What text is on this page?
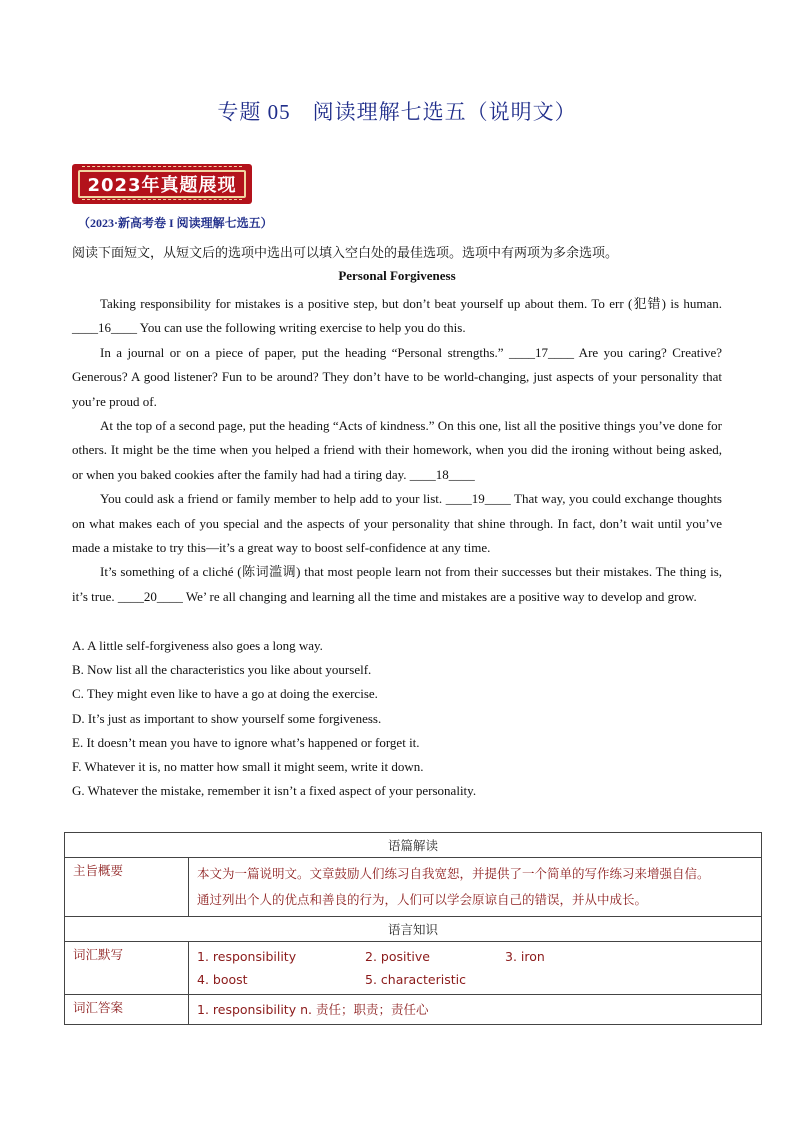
专题 05　阅读理解七选五（说明文）
2023年真题展现
（2023·新高考卷 I 阅读理解七选五）
阅读下面短文，从短文后的选项中选出可以填入空白处的最佳选项。选项中有两项为多余选项。
Personal Forgiveness

Taking responsibility for mistakes is a positive step, but don’t beat yourself up about them. To err (犯错) is human. ____16____ You can use the following writing exercise to help you do this.

In a journal or on a piece of paper, put the heading “Personal strengths.” ____17____ Are you caring? Creative? Generous? A good listener? Fun to be around? They don’t have to be world-changing, just aspects of your personality that you’re proud of.

At the top of a second page, put the heading “Acts of kindness.” On this one, list all the positive things you’ve done for others. It might be the time when you helped a friend with their homework, when you did the ironing without being asked, or when you baked cookies after the family had had a tiring day. ____18____

You could ask a friend or family member to help add to your list. ____19____ That way, you could exchange thoughts on what makes each of you special and the aspects of your personality that shine through. In fact, don’t wait until you’ve made a mistake to try this—it’s a great way to boost self-confidence at any time.

It’s something of a cliché (陈词滥调) that most people learn not from their successes but their mistakes. The thing is, it’s true. ____20____ We’ re all changing and learning all the time and mistakes are a positive way to develop and grow.

A. A little self-forgiveness also goes a long way.
B. Now list all the characteristics you like about yourself.
C. They might even like to have a go at doing the exercise.
D. It’s just as important to show yourself some forgiveness.
E. It doesn’t mean you have to ignore what’s happened or forget it.
F. Whatever it is, no matter how small it might seem, write it down.
G. Whatever the mistake, remember it isn’t a fixed aspect of your personality.
语篇解读	
主旨概要	本文为一篇说明文。文章鼓励人们练习自我宽恕，并提供了一个简单的写作练习来增强自信。
通过列出个人的优点和善良的行为，人们可以学会原谅自己的错误，并从中成长。

语言知识	
词汇默写	1. responsibility 2. positive 3. iron
4. boost 5. characteristic

词汇答案	1. responsibility n. 责任；职责；责任心
